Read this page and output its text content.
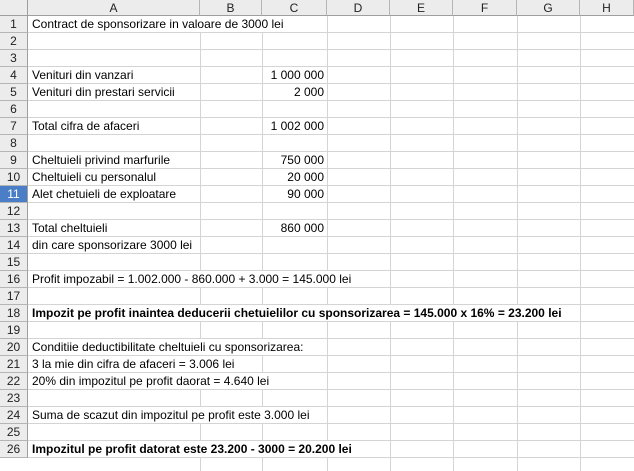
A	B	C	D	E	F	G	H
1	Contract de sponsorizare in valoare de 3000 lei
2
3
4	Venituri din vanzari	1 000 000
5	Venituri din prestari servicii	2 000
6
7	Total cifra de afaceri	1 002 000
8
9	Cheltuieli privind marfurile	750 000
10 Cheltuieli cu personalul	20 000
11	Alet chetuieli de exploatare	90 000
12
13 Total cheltuieli	860 000
14 din care sponsorizare 3000 lei
15
16 Profit impozabil = 1.002.000 - 860.000 + 3.000 = 145.000 lei
17
18 Impozit pe profit inaintea deducerii chetuielilor cu sponsorizarea = 145.000 x 16% = 23.200 lei
19
20 Conditiie deductibilitate cheltuieli cu sponsorizarea:
21 3 la mie din cifra de afaceri = 3.006 lei
22 20% din impozitul pe profit daorat = 4.640 lei
23
24 Suma de scazut din impozitul pe profit este 3.000 lei
25
26 Impozitul pe profit datorat este 23.200 - 3000 = 20.200 lei
